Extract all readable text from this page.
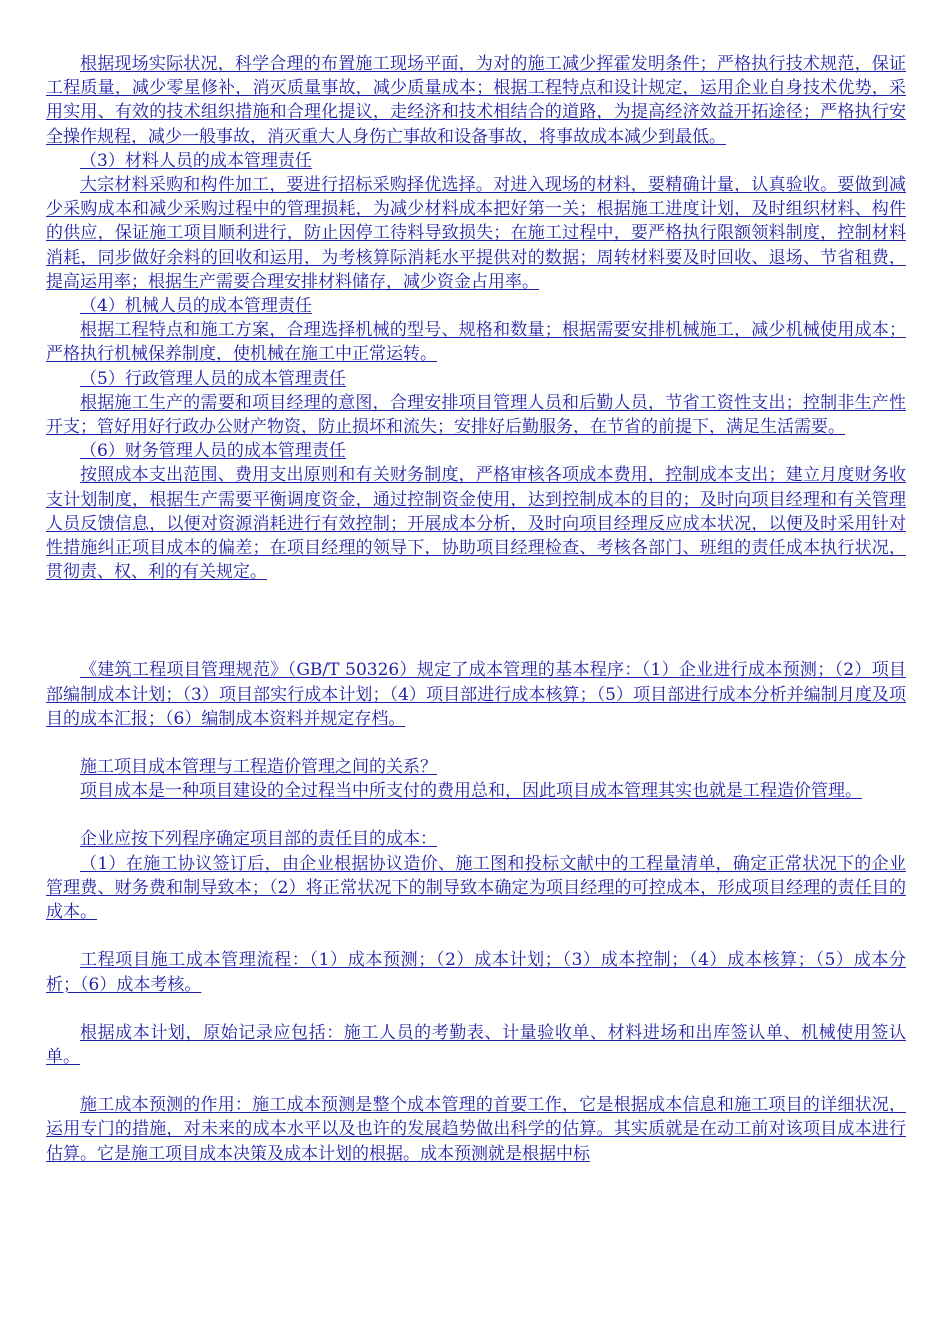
根据现场实际状况，科学合理的布置施工现场平面，为对的施工减少挥霍发明条件；严格执行技术规范，保证工程质量，减少零星修补，消灭质量事故，减少质量成本；根据工程特点和设计规定，运用企业自身技术优势，采用实用、有效的技术组织措施和合理化提议，走经济和技术相结合的道路，为提高经济效益开拓途径；严格执行安全操作规程，减少一般事故，消灭重大人身伤亡事故和设备事故，将事故成本减少到最低。

（3）材料人员的成本管理责任

大宗材料采购和构件加工，要进行招标采购择优选择。对进入现场的材料，要精确计量，认真验收。要做到减少采购成本和减少采购过程中的管理损耗，为减少材料成本把好第一关；根据施工进度计划，及时组织材料、构件的供应，保证施工项目顺利进行，防止因停工待料导致损失；在施工过程中，要严格执行限额领料制度，控制材料消耗，同步做好余料的回收和运用，为考核算际消耗水平提供对的数据；周转材料要及时回收、退场、节省租费，提高运用率；根据生产需要合理安排材料储存，减少资金占用率。

（4）机械人员的成本管理责任

根据工程特点和施工方案，合理选择机械的型号、规格和数量；根据需要安排机械施工，减少机械使用成本；严格执行机械保养制度，使机械在施工中正常运转。

（5）行政管理人员的成本管理责任

根据施工生产的需要和项目经理的意图，合理安排项目管理人员和后勤人员，节省工资性支出；控制非生产性开支；管好用好行政办公财产物资，防止损坏和流失；安排好后勤服务，在节省的前提下，满足生活需要。

（6）财务管理人员的成本管理责任

按照成本支出范围、费用支出原则和有关财务制度，严格审核各项成本费用，控制成本支出；建立月度财务收支计划制度，根据生产需要平衡调度资金，通过控制资金使用，达到控制成本的目的；及时向项目经理和有关管理人员反馈信息，以便对资源消耗进行有效控制；开展成本分析，及时向项目经理反应成本状况，以便及时采用针对性措施纠正项目成本的偏差；在项目经理的领导下，协助项目经理检查、考核各部门、班组的责任成本执行状况，贯彻责、权、利的有关规定。

《建筑工程项目管理规范》（GB/T 50326）规定了成本管理的基本程序：（1）企业进行成本预测；（2）项目部编制成本计划；（3）项目部实行成本计划；（4）项目部进行成本核算；（5）项目部进行成本分析并编制月度及项目的成本汇报；（6）编制成本资料并规定存档。

施工项目成本管理与工程造价管理之间的关系？

项目成本是一种项目建设的全过程当中所支付的费用总和，因此项目成本管理其实也就是工程造价管理。

企业应按下列程序确定项目部的责任目的成本：

（1）在施工协议签订后，由企业根据协议造价、施工图和投标文献中的工程量清单，确定正常状况下的企业管理费、财务费和制导致本；（2）将正常状况下的制导致本确定为项目经理的可控成本，形成项目经理的责任目的成本。

工程项目施工成本管理流程：（1）成本预测；（2）成本计划；（3）成本控制；（4）成本核算；（5）成本分析；（6）成本考核。

根据成本计划，原始记录应包括：施工人员的考勤表、计量验收单、材料进场和出库签认单、机械使用签认单。

施工成本预测的作用：施工成本预测是整个成本管理的首要工作，它是根据成本信息和施工项目的详细状况，运用专门的措施，对未来的成本水平以及也许的发展趋势做出科学的估算。其实质就是在动工前对该项目成本进行估算。它是施工项目成本决策及成本计划的根据。成本预测就是根据中标
